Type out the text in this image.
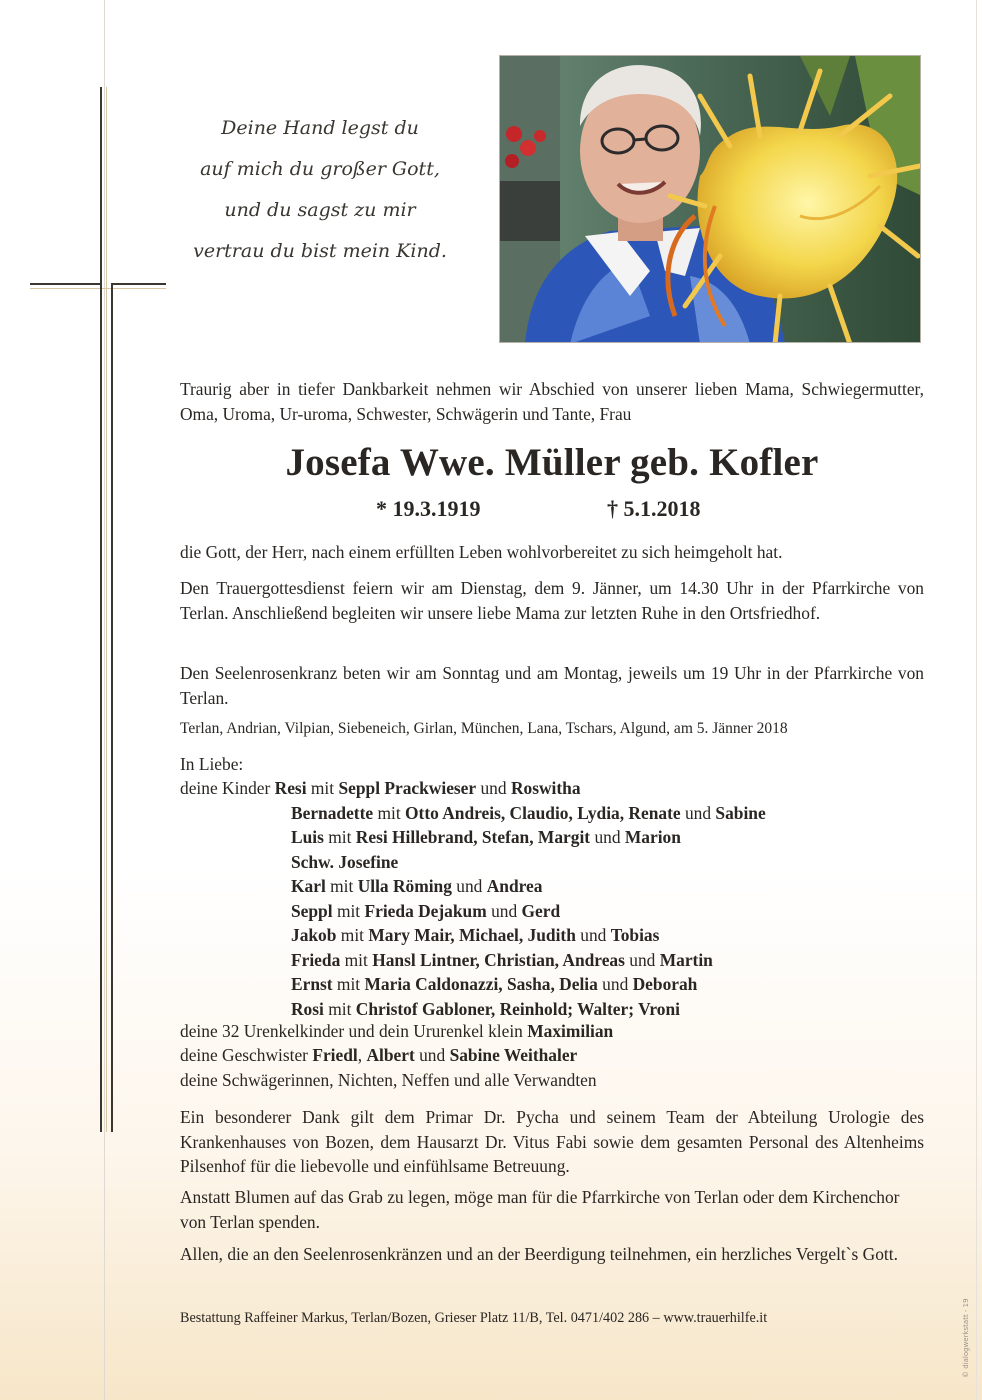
Deine Hand legst du
auf mich du großer Gott,
und du sagst zu mir
vertrau du bist mein Kind.
Traurig aber in tiefer Dankbarkeit nehmen wir Abschied von unserer lieben Mama, Schwiegermutter, Oma, Uroma, Ur-uroma, Schwester, Schwägerin und Tante, Frau
Josefa Wwe. Müller geb. Kofler
* 19.3.1919	† 5.1.2018
die Gott, der Herr, nach einem erfüllten Leben wohlvorbereitet zu sich heimgeholt hat.
Den Trauergottesdienst feiern wir am Dienstag, dem 9. Jänner, um 14.30 Uhr in der Pfarrkirche von Terlan. Anschließend begleiten wir unsere liebe Mama zur letzten Ruhe in den Ortsfriedhof.
Den Seelenrosenkranz beten wir am Sonntag und am Montag, jeweils um 19 Uhr in der Pfarrkirche von Terlan.
Terlan, Andrian, Vilpian, Siebeneich, Girlan, München, Lana, Tschars, Algund, am 5. Jänner 2018
In Liebe:
deine Kinder Resi mit Seppl Prackwieser und Roswitha
Bernadette mit Otto Andreis, Claudio, Lydia, Renate und Sabine
Luis mit Resi Hillebrand, Stefan, Margit und Marion
Schw. Josefine
Karl mit Ulla Röming und Andrea
Seppl mit Frieda Dejakum und Gerd
Jakob mit Mary Mair, Michael, Judith und Tobias
Frieda mit Hansl Lintner, Christian, Andreas und Martin
Ernst mit Maria Caldonazzi, Sasha, Delia und Deborah
Rosi mit Christof Gabloner, Reinhold; Walter; Vroni
deine 32 Urenkelkinder und dein Ururenkel klein Maximilian
deine Geschwister Friedl, Albert und Sabine Weithaler
deine Schwägerinnen, Nichten, Neffen und alle Verwandten
Ein besonderer Dank gilt dem Primar Dr. Pycha und seinem Team der Abteilung Urologie des Krankenhauses von Bozen, dem Hausarzt Dr. Vitus Fabi sowie dem gesamten Personal des Altenheims Pilsenhof für die liebevolle und einfühlsame Betreuung.
Anstatt Blumen auf das Grab zu legen, möge man für die Pfarrkirche von Terlan oder dem Kirchenchor von Terlan spenden.
Allen, die an den Seelenrosenkränzen und an der Beerdigung teilnehmen, ein herzliches Vergelt`s Gott.
Bestattung Raffeiner Markus, Terlan/Bozen, Grieser Platz 11/B, Tel. 0471/402 286 – www.trauerhilfe.it	© dialogwerkstatt - 19
